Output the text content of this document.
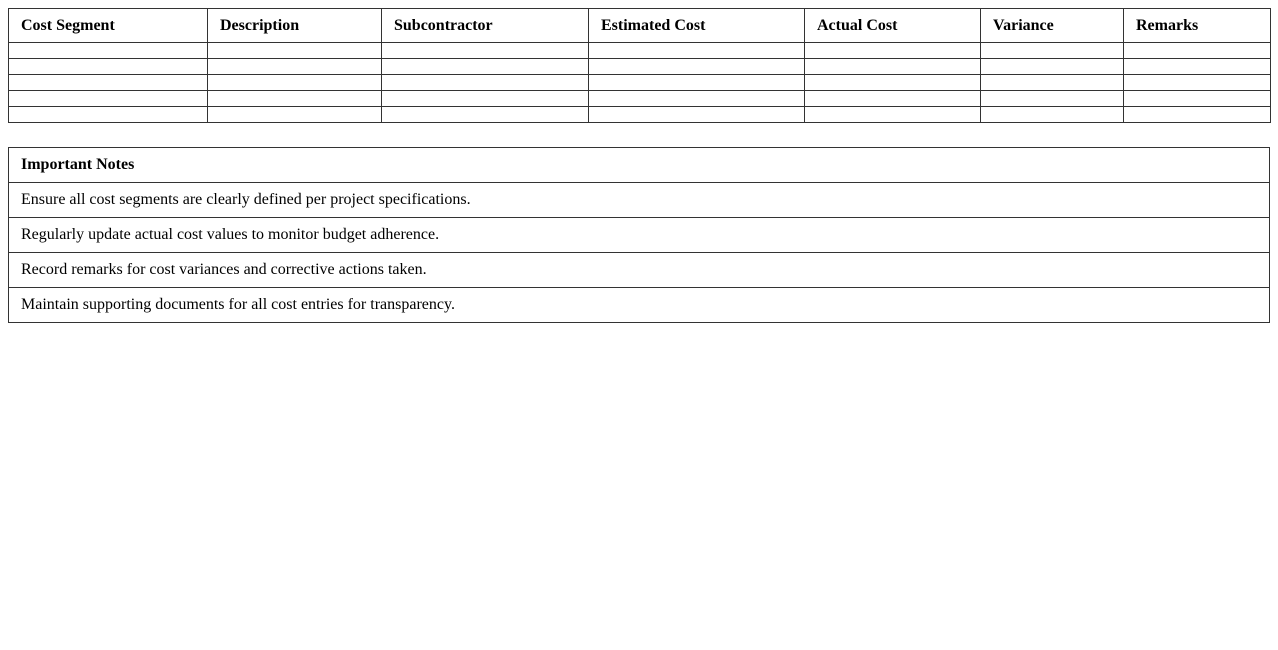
Cost Segment	Description	Subcontractor	Estimated Cost	Actual Cost	Variance	Remarks

Important Notes
Ensure all cost segments are clearly defined per project specifications.
Regularly update actual cost values to monitor budget adherence.
Record remarks for cost variances and corrective actions taken.
Maintain supporting documents for all cost entries for transparency.
